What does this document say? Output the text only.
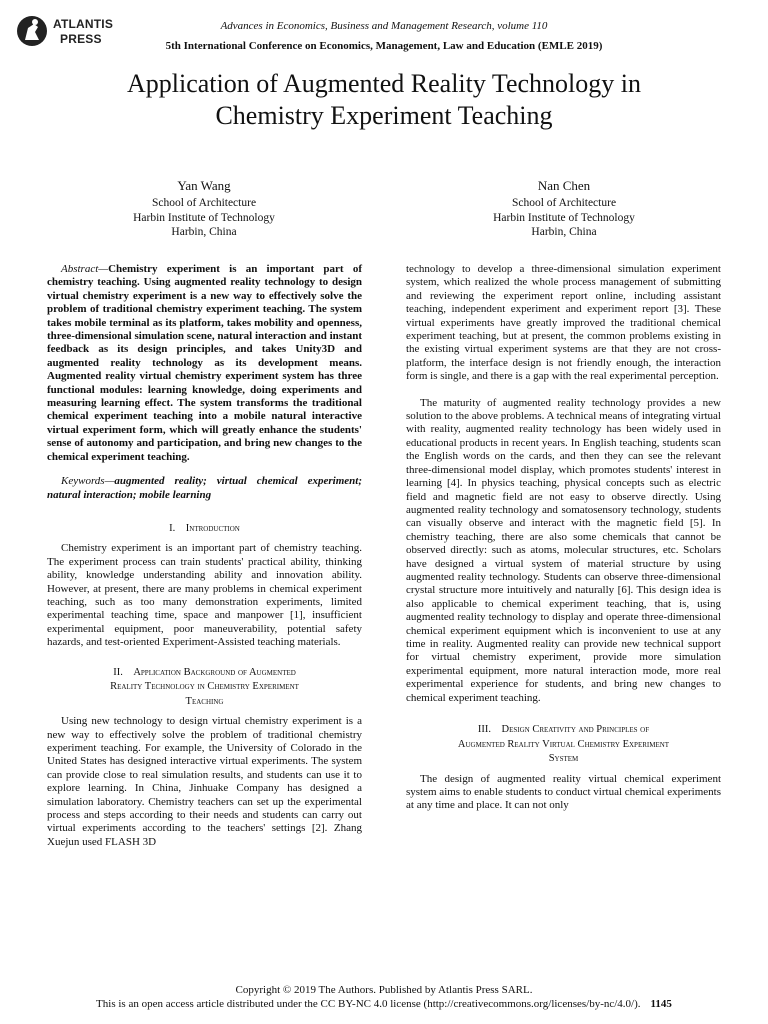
ATLANTIS
PRESS
Advances in Economics, Business and Management Research, volume 110
5th International Conference on Economics, Management, Law and Education (EMLE 2019)
Application of Augmented Reality Technology in
Chemistry Experiment Teaching
Yan Wang
School of Architecture
Harbin Institute of Technology
Harbin, China
Nan Chen
School of Architecture
Harbin Institute of Technology
Harbin, China

Abstract—Chemistry experiment is an important part of chemistry teaching. Using augmented reality technology to design virtual chemistry experiment is a new way to effectively solve the problem of traditional chemistry experiment teaching. The system takes mobile terminal as its platform, takes mobility and openness, three-dimensional simulation scene, natural interaction and instant feedback as its design principles, and takes Unity3D and augmented reality technology as its development means. Augmented reality virtual chemistry experiment system has three functional modules: learning knowledge, doing experiments and measuring learning effect. The system transforms the traditional chemical experiment teaching into a mobile natural interactive virtual experiment form, which will greatly enhance the students' sense of autonomy and participation, and bring new changes to the chemical experiment teaching.

Keywords—augmented reality; virtual chemical experiment; natural interaction; mobile learning

I. Introduction

Chemistry experiment is an important part of chemistry teaching. The experiment process can train students' practical ability, thinking ability, knowledge understanding ability and innovation ability. However, at present, there are many problems in chemical experiment teaching, such as too many demonstration experiments, limited experimental teaching time, space and manpower [1], insufficient experimental equipment, poor maneuverability, potential safety hazards, and test-oriented Experiment-Assisted teaching materials.

II. Application Background of Augmented
Reality Technology in Chemistry Experiment
Teaching

Using new technology to design virtual chemistry experiment is a new way to effectively solve the problem of traditional chemistry experiment teaching. For example, the University of Colorado in the United States has designed interactive virtual experiments. The system can provide close to real simulation results, and students can use it to explore learning. In China, Jinhuake Company has designed a simulation laboratory. Chemistry teachers can set up the experimental process and steps according to their needs and students can carry out virtual experiments according to the teachers' settings [2]. Zhang Xuejun used FLASH 3D

technology to develop a three-dimensional simulation experiment system, which realized the whole process management of submitting and reviewing the experiment report online, including assistant teaching, independent experiment and experiment report [3]. These virtual experiments have greatly improved the traditional chemical experiment teaching, but at present, the common problems existing in the existing virtual experiment systems are that they are not cross-platform, the interface design is not friendly enough, the interaction form is single, and there is a gap with the real experimental perception.

The maturity of augmented reality technology provides a new solution to the above problems. A technical means of integrating virtual with reality, augmented reality technology has been widely used in educational products in recent years. In English teaching, students scan the English words on the cards, and then they can see the relevant three-dimensional model display, which promotes students' interest in learning [4]. In physics teaching, physical concepts such as electric field and magnetic field are not easy to observe directly. Using augmented reality technology and somatosensory technology, students can visually observe and interact with the magnetic field [5]. In chemistry teaching, there are also some chemicals that cannot be observed directly: such as atoms, molecular structures, etc. Scholars have designed a virtual system of material structure by using augmented reality technology. Students can observe three-dimensional crystal structure more intuitively and naturally [6]. This design idea is also applicable to chemical experiment teaching, that is, using augmented reality technology to display and operate three-dimensional chemical experiment equipment which is inconvenient to use at any time in reality. Augmented reality can provide new technical support for virtual chemistry experiment, provide more simulation experimental equipment, more natural interaction mode, more real experimental experience for students, and bring new changes to chemical experiment teaching.

III. Design Creativity and Principles of
Augmented Reality Virtual Chemistry Experiment
System

The design of augmented reality virtual chemical experiment system aims to enable students to conduct virtual chemical experiments at any time and place. It can not only

Copyright © 2019 The Authors. Published by Atlantis Press SARL.
This is an open access article distributed under the CC BY-NC 4.0 license (http://creativecommons.org/licenses/by-nc/4.0/). 1145
